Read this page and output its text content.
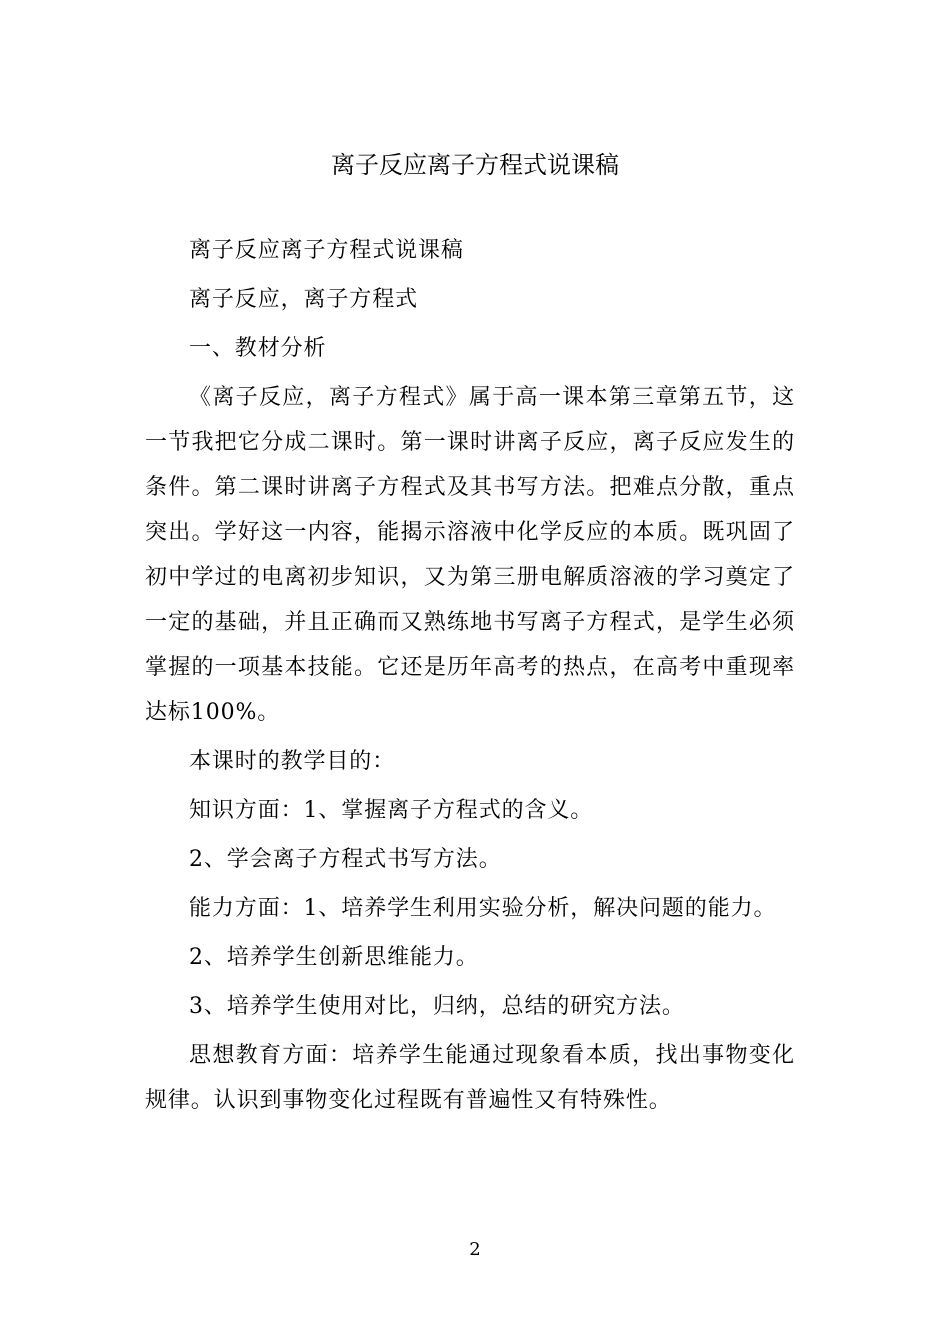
离子反应离子方程式说课稿

离子反应离子方程式说课稿

离子反应，离子方程式

一、教材分析

《离子反应，离子方程式》属于高一课本第三章第五节，这一节我把它分成二课时。第一课时讲离子反应，离子反应发生的条件。第二课时讲离子方程式及其书写方法。把难点分散，重点突出。学好这一内容，能揭示溶液中化学反应的本质。既巩固了初中学过的电离初步知识，又为第三册电解质溶液的学习奠定了一定的基础，并且正确而又熟练地书写离子方程式，是学生必须掌握的一项基本技能。它还是历年高考的热点，在高考中重现率达标100%。

本课时的教学目的：

知识方面：1、掌握离子方程式的含义。

2、学会离子方程式书写方法。

能力方面：1、培养学生利用实验分析，解决问题的能力。

2、培养学生创新思维能力。

3、培养学生使用对比，归纳，总结的研究方法。

思想教育方面：培养学生能通过现象看本质，找出事物变化规律。认识到事物变化过程既有普遍性又有特殊性。

2
